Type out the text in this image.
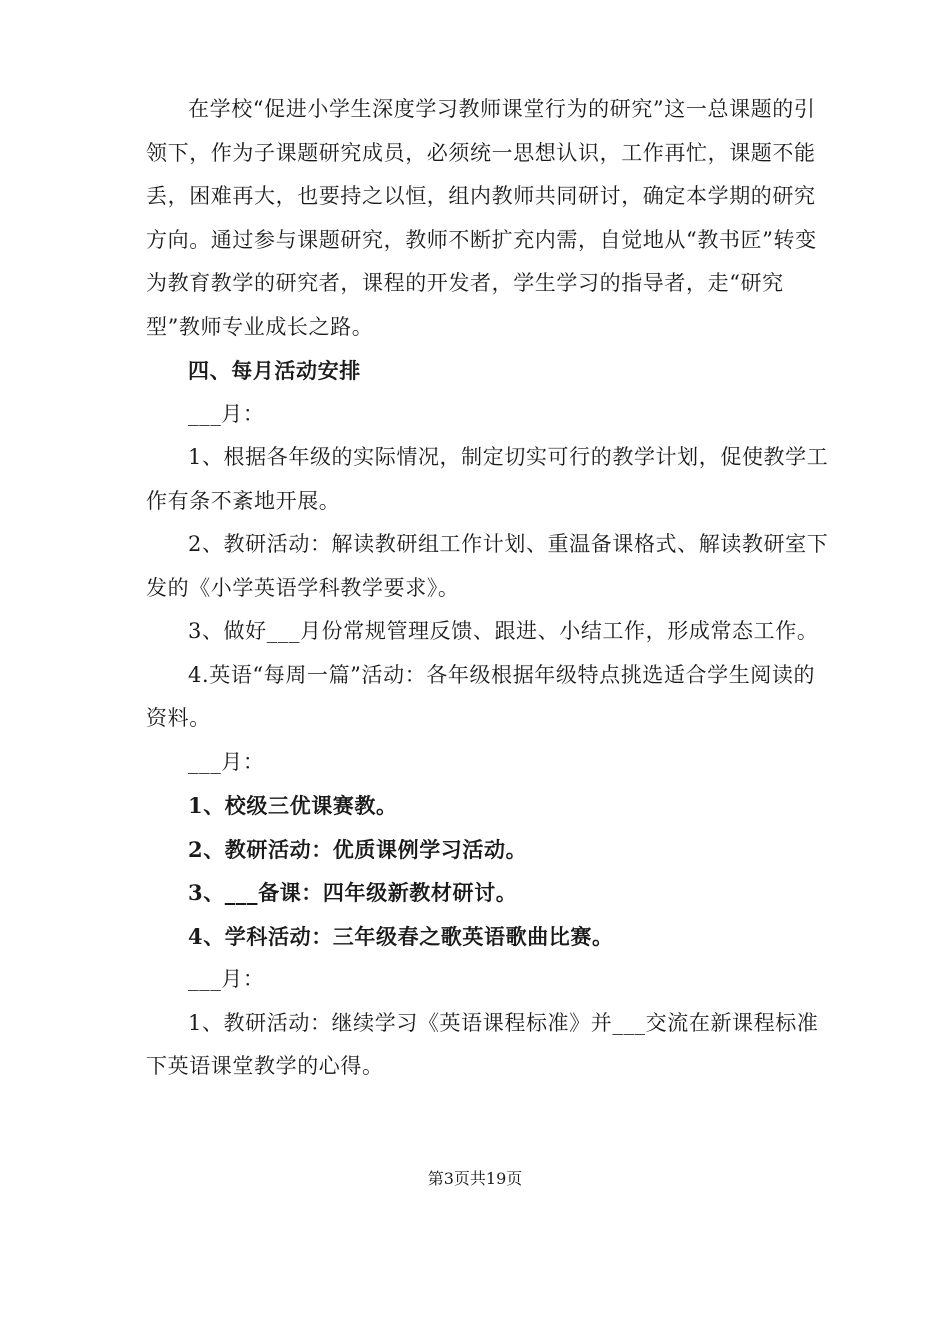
在学校“促进小学生深度学习教师课堂行为的研究”这一总课题的引领下，作为子课题研究成员，必须统一思想认识，工作再忙，课题不能丢，困难再大，也要持之以恒，组内教师共同研讨，确定本学期的研究方向。通过参与课题研究，教师不断扩充内需，自觉地从“教书匠”转变为教育教学的研究者，课程的开发者，学生学习的指导者，走“研究型”教师专业成长之路。

四、每月活动安排

___月：

1、根据各年级的实际情况，制定切实可行的教学计划，促使教学工作有条不紊地开展。

2、教研活动：解读教研组工作计划、重温备课格式、解读教研室下发的《小学英语学科教学要求》。

3、做好___月份常规管理反馈、跟进、小结工作，形成常态工作。

4.英语“每周一篇”活动：各年级根据年级特点挑选适合学生阅读的资料。

___月：

1、校级三优课赛教。

2、教研活动：优质课例学习活动。

3、___备课：四年级新教材研讨。

4、学科活动：三年级春之歌英语歌曲比赛。

___月：

1、教研活动：继续学习《英语课程标准》并___交流在新课程标准下英语课堂教学的心得。

第3页共19页
